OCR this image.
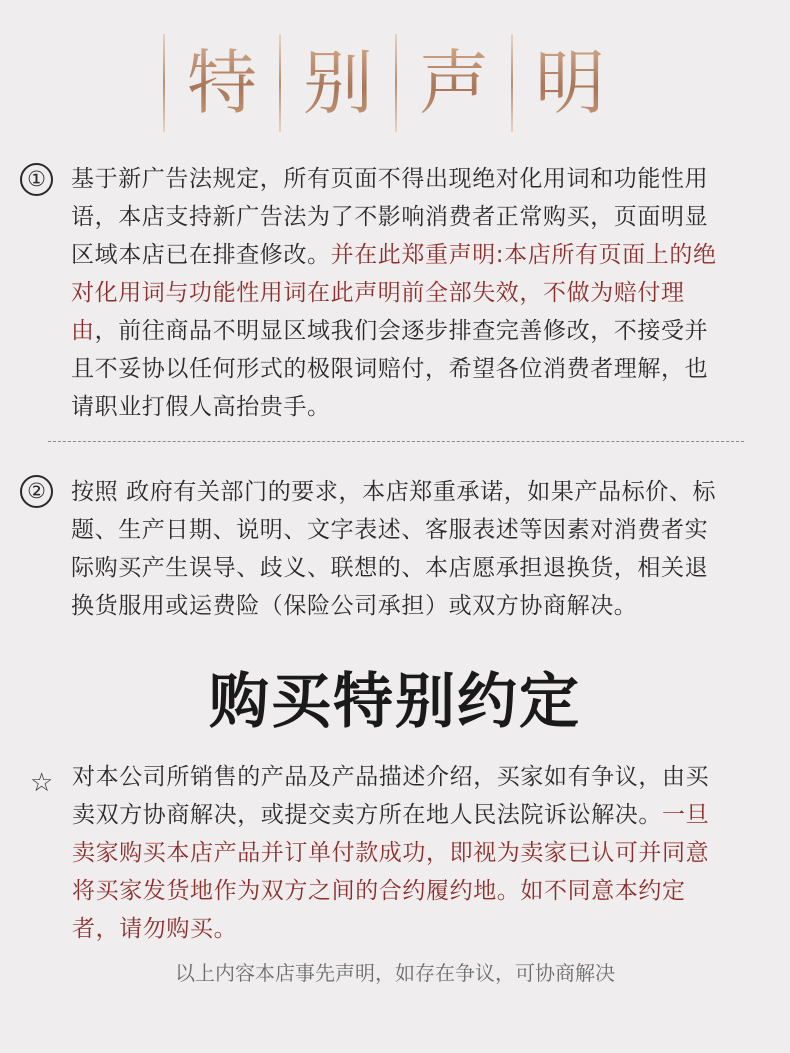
特 别 声 明
①	基于新广告法规定，所有页面不得出现绝对化用词和功能性用语，本店支持新广告法为了不影响消费者正常购买，页面明显区域本店已在排查修改。并在此郑重声明:本店所有页面上的绝对化用词与功能性用词在此声明前全部失效，不做为赔付理由，前往商品不明显区域我们会逐步排查完善修改，不接受并且不妥协以任何形式的极限词赔付，希望各位消费者理解，也请职业打假人高抬贵手。
②	按照 政府有关部门的要求，本店郑重承诺，如果产品标价、标题、生产日期、说明、文字表述、客服表述等因素对消费者实际购买产生误导、歧义、联想的、本店愿承担退换货，相关退换货服用或运费险（保险公司承担）或双方协商解决。
购买特别约定
☆ 对本公司所销售的产品及产品描述介绍，买家如有争议，由买卖双方协商解决，或提交卖方所在地人民法院诉讼解决。一旦卖家购买本店产品并订单付款成功，即视为卖家已认可并同意将买家发货地作为双方之间的合约履约地。如不同意本约定者，请勿购买。
以上内容本店事先声明，如存在争议，可协商解决
